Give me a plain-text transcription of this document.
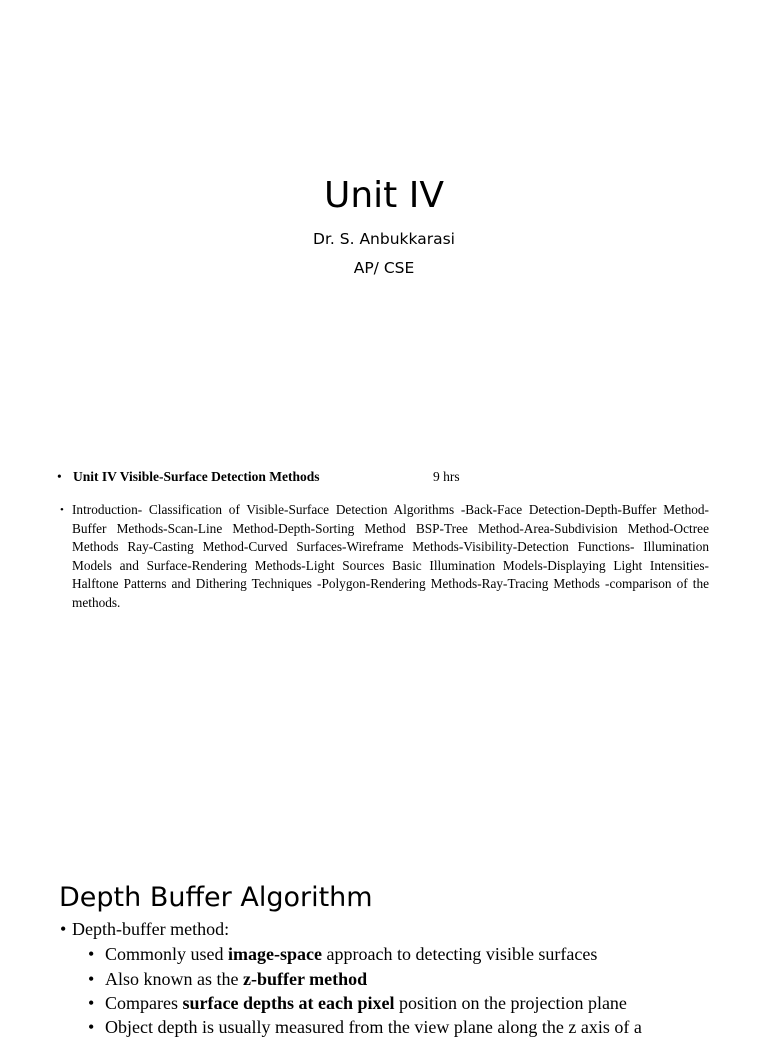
Unit IV
Dr. S. Anbukkarasi
AP/ CSE
• Unit IV Visible-Surface Detection Methods	9 hrs
• Introduction- Classification of Visible-Surface Detection Algorithms -Back-Face Detection-Depth-Buffer Method-Buffer Methods-Scan-Line Method-Depth-Sorting Method BSP-Tree Method-Area-Subdivision Method-Octree Methods Ray-Casting Method-Curved Surfaces-Wireframe Methods-Visibility-Detection Functions- Illumination Models and Surface-Rendering Methods-Light Sources Basic Illumination Models-Displaying Light Intensities-Halftone Patterns and Dithering Techniques -Polygon-Rendering Methods-Ray-Tracing Methods -comparison of the methods.
Depth Buffer Algorithm
• Depth-buffer method:
• Commonly used image-space approach to detecting visible surfaces
• Also known as the z-buffer method
• Compares surface depths at each pixel position on the projection plane
• Object depth is usually measured from the view plane along the z axis of a
